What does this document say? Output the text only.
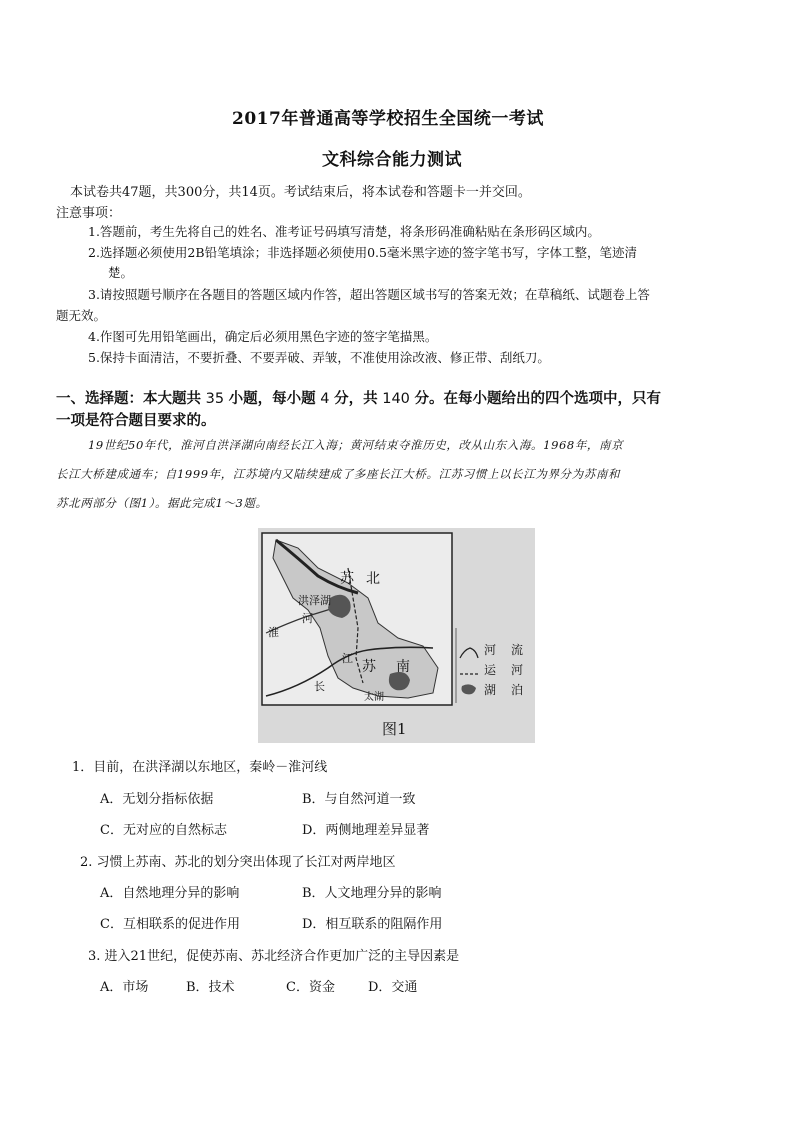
2017年普通高等学校招生全国统一考试
文科综合能力测试
本试卷共47题，共300分，共14页。考试结束后，将本试卷和答题卡一并交回。
注意事项：
1.答题前，考生先将自己的姓名、准考证号码填写清楚，将条形码准确粘贴在条形码区域内。
2.选择题必须使用2B铅笔填涂；非选择题必须使用0.5毫米黑字迹的签字笔书写，字体工整，笔迹清
楚。
3.请按照题号顺序在各题目的答题区域内作答，超出答题区域书写的答案无效；在草稿纸、试题卷上答
题无效。
4.作图可先用铅笔画出，确定后必须用黑色字迹的签字笔描黑。
5.保持卡面清洁，不要折叠、不要弄破、弄皱，不准使用涂改液、修正带、刮纸刀。
一、选择题：本大题共 35 小题，每小题 4 分，共 140 分。在每小题给出的四个选项中，只有
一项是符合题目要求的。
19世纪50年代，淮河自洪泽湖向南经长江入海；黄河结束夺淮历史，改从山东入海。1968年，南京
长江大桥建成通车；自1999年，江苏境内又陆续建成了多座长江大桥。江苏习惯上以长江为界分为苏南和
苏北两部分（图1）。据此完成1～3题。
苏 北
洪泽湖
河
淮
江
长
苏 南
太湖
河
运
湖
流
河
泊
图1
1．目前，在洪泽湖以东地区，秦岭－淮河线
A．无划分指标依据	B．与自然河道一致
C．无对应的自然标志	D．两侧地理差异显著
2. 习惯上苏南、苏北的划分突出体现了长江对两岸地区
A．自然地理分异的影响	B．人文地理分异的影响
C．互相联系的促进作用	D．相互联系的阻隔作用
3. 进入21世纪，促使苏南、苏北经济合作更加广泛的主导因素是
A．市场	B．技术	C．资金	D．交通
